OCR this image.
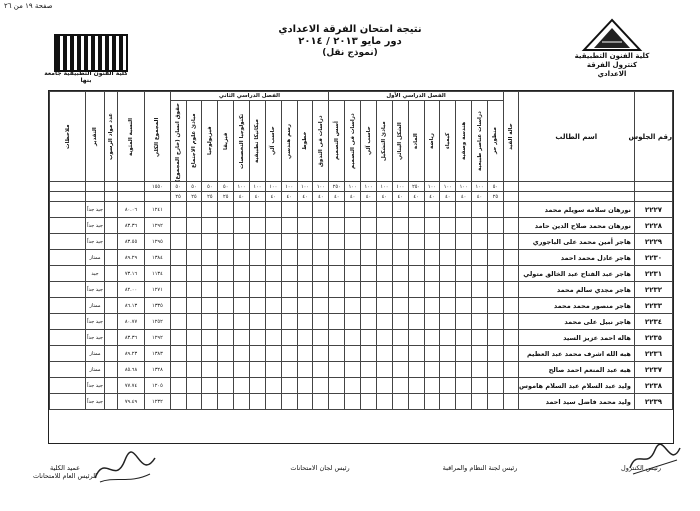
صفحة ١٩ من ٢٦
كلية الفنون التطبيقية جامعة بنها
نتيجة امتحان الفرقة الاعدادي
دور مايو ٢٠١٣ / ٢٠١٤
(نموذج نقل)	كلية الفنون التطبيقية
كنترول الفرقة الاعدادي
رقم الجلوس	اسم الطالب	حالة القيد	الفصل الدراسي الأول											الفصل الدراسي الثاني										المجموع الكلي	النسبة المئوية	عدد مواد الرسوب	التقدير	ملاحظات

			منظور حر	دراسات عناصر طبيعية	هندسة وصفية	كيمياء	رياضة	المادة	الشكل البنائي	مبادئ التشكيل	حاسب آلي	دراسات فى التصميم	أسس التصميم	دراسات فى التذوق	خطوط	رسم هندسي	حاسب آلي	ميكانيكا تطبيقية	تكنولوجيا التخصصات	فيزيقا	فيزيولوجيا	مبادئ علوم الاجتماع	حقوق انسان (خارج المجموع)					

			٥٠	١٠٠	١٠٠	١٠٠	١٠٠	٢٥٠	١٠٠	١٠٠	١٠٠	١٠٠	٢٥٠	١٠٠	١٠٠	١٠٠	١٠٠	١٠٠	١٠٠	٥٠	٥٠	٥٠	٥٠	١٥٥٠				
			٢٥	٤٠	٤٠	٤٠	٤٠	٤٠	٤٠	٤٠	٤٠	٤٠	٤٠	٤٠	٤٠	٤٠	٤٠	٤٠	٤٠	٢٥	٢٥	٢٥	٢٥					
٢٢٢٧	نورهان سلامه سويلم محمد																							١٢٤١	٨٠.٠٦		جيد جداً	
٢٢٢٨	نورهان محمد صلاح الدين حامد																							١٢٩٢	٨٣.٣٦		جيد جداً	
٢٢٢٩	هاجر أمين محمد على الباجوري																							١٢٩٥	٨٣.٥٥		جيد جداً	
٢٢٣٠	هاجر عادل محمد احمد																							١٣٨٤	٨٩.٢٩		ممتاز	
٢٢٣١	هاجر عبد الفتاح عبد الخالق متولي																							١١٣٤	٧٣.١٦		جيد	
٢٢٣٢	هاجر مجدي سالم محمد																							١٢٧١	٨٢.٠٠		جيد جداً	
٢٢٣٣	هاجر منصور محمد محمد																							١٣٣٥	٨٦.١٣		ممتاز	
٢٢٣٤	هاجر نبيل على محمد																							١٢٥٢	٨٠.٧٧		جيد جداً	
٢٢٣٥	هاله احمد عزيز السيد																							١٢٩٢	٨٣.٣٦		جيد جداً	
٢٢٣٦	هبه الله اشرف محمد عبد العظيم																							١٣٨٣	٨٩.٢٣		ممتاز	
٢٢٣٧	هبه عبد المنعم احمد صالح																							١٣٢٨	٨٥.٦٨		ممتاز	
٢٢٣٨	وليد عبد السلام عبد السلام هاموس																							١٢٠٥	٧٧.٧٤		جيد جداً	
٢٢٣٩	وليد محمد فاضل سيد احمد																							١٢٣٢	٧٩.٤٩		جيد جداً	
رئيس الكنترول
رئيس لجنة النظام والمراقبة
رئيس لجان الامتحانات
عميد الكلية
الرئيس العام للامتحانات
